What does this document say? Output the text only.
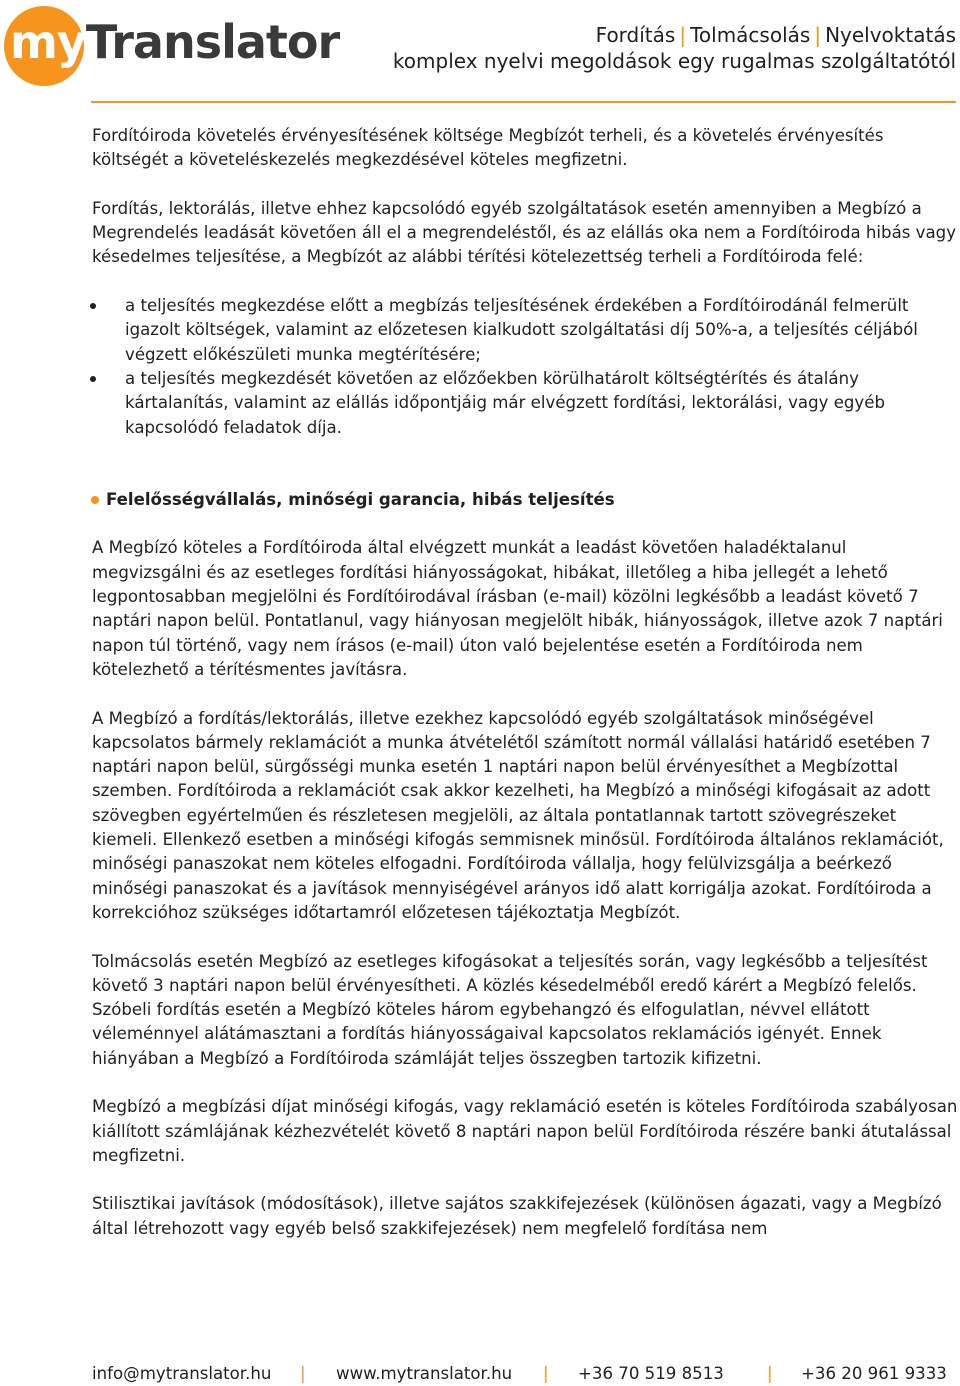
myTranslator	Fordítás | Tolmácsolás | Nyelvoktatás
komplex nyelvi megoldások egy rugalmas szolgáltatótól

Fordítóiroda követelés érvényesítésének költsége Megbízót terheli, és a követelés érvényesítés költségét a követeléskezelés megkezdésével köteles megfizetni.

Fordítás, lektorálás, illetve ehhez kapcsolódó egyéb szolgáltatások esetén amennyiben a Megbízó a Megrendelés leadását követően áll el a megrendeléstől, és az elállás oka nem a Fordítóiroda hibás vagy késedelmes teljesítése, a Megbízót az alábbi térítési kötelezettség terheli a Fordítóiroda felé:

a teljesítés megkezdése előtt a megbízás teljesítésének érdekében a Fordítóirodánál felmerült igazolt költségek, valamint az előzetesen kialkudott szolgáltatási díj 50%-a, a teljesítés céljából végzett előkészületi munka megtérítésére;
a teljesítés megkezdését követően az előzőekben körülhatárolt költségtérítés és átalány kártalanítás, valamint az elállás időpontjáig már elvégzett fordítási, lektorálási, vagy egyéb kapcsolódó feladatok díja.
Felelősségvállalás, minőségi garancia, hibás teljesítés

A Megbízó köteles a Fordítóiroda által elvégzett munkát a leadást követően haladéktalanul megvizsgálni és az esetleges fordítási hiányosságokat, hibákat, illetőleg a hiba jellegét a lehető legpontosabban megjelölni és Fordítóirodával írásban (e-mail) közölni legkésőbb a leadást követő 7 naptári napon belül. Pontatlanul, vagy hiányosan megjelölt hibák, hiányosságok, illetve azok 7 naptári napon túl történő, vagy nem írásos (e-mail) úton való bejelentése esetén a Fordítóiroda nem kötelezhető a térítésmentes javításra.

A Megbízó a fordítás/lektorálás, illetve ezekhez kapcsolódó egyéb szolgáltatások minőségével kapcsolatos bármely reklamációt a munka átvételétől számított normál vállalási határidő esetében 7 naptári napon belül, sürgősségi munka esetén 1 naptári napon belül érvényesíthet a Megbízottal szemben. Fordítóiroda a reklamációt csak akkor kezelheti, ha Megbízó a minőségi kifogásait az adott szövegben egyértelműen és részletesen megjelöli, az általa pontatlannak tartott szövegrészeket kiemeli. Ellenkező esetben a minőségi kifogás semmisnek minősül. Fordítóiroda általános reklamációt, minőségi panaszokat nem köteles elfogadni. Fordítóiroda vállalja, hogy felülvizsgálja a beérkező minőségi panaszokat és a javítások mennyiségével arányos idő alatt korrigálja azokat. Fordítóiroda a korrekcióhoz szükséges időtartamról előzetesen tájékoztatja Megbízót.

Tolmácsolás esetén Megbízó az esetleges kifogásokat a teljesítés során, vagy legkésőbb a teljesítést követő 3 naptári napon belül érvényesítheti. A közlés késedelméből eredő kárért a Megbízó felelős. Szóbeli fordítás esetén a Megbízó köteles három egybehangzó és elfogulatlan, névvel ellátott véleménnyel alátámasztani a fordítás hiányosságaival kapcsolatos reklamációs igényét. Ennek hiányában a Megbízó a Fordítóiroda számláját teljes összegben tartozik kifizetni.

Megbízó a megbízási díjat minőségi kifogás, vagy reklamáció esetén is köteles Fordítóiroda szabályosan kiállított számlájának kézhezvételét követő 8 naptári napon belül Fordítóiroda részére banki átutalással megfizetni.

Stilisztikai javítások (módosítások), illetve sajátos szakkifejezések (különösen ágazati, vagy a Megbízó által létrehozott vagy egyéb belső szakkifejezések) nem megfelelő fordítása nem

info@mytranslator.hu | www.mytranslator.hu | +36 70 519 8513	| +36 20 961 9333
